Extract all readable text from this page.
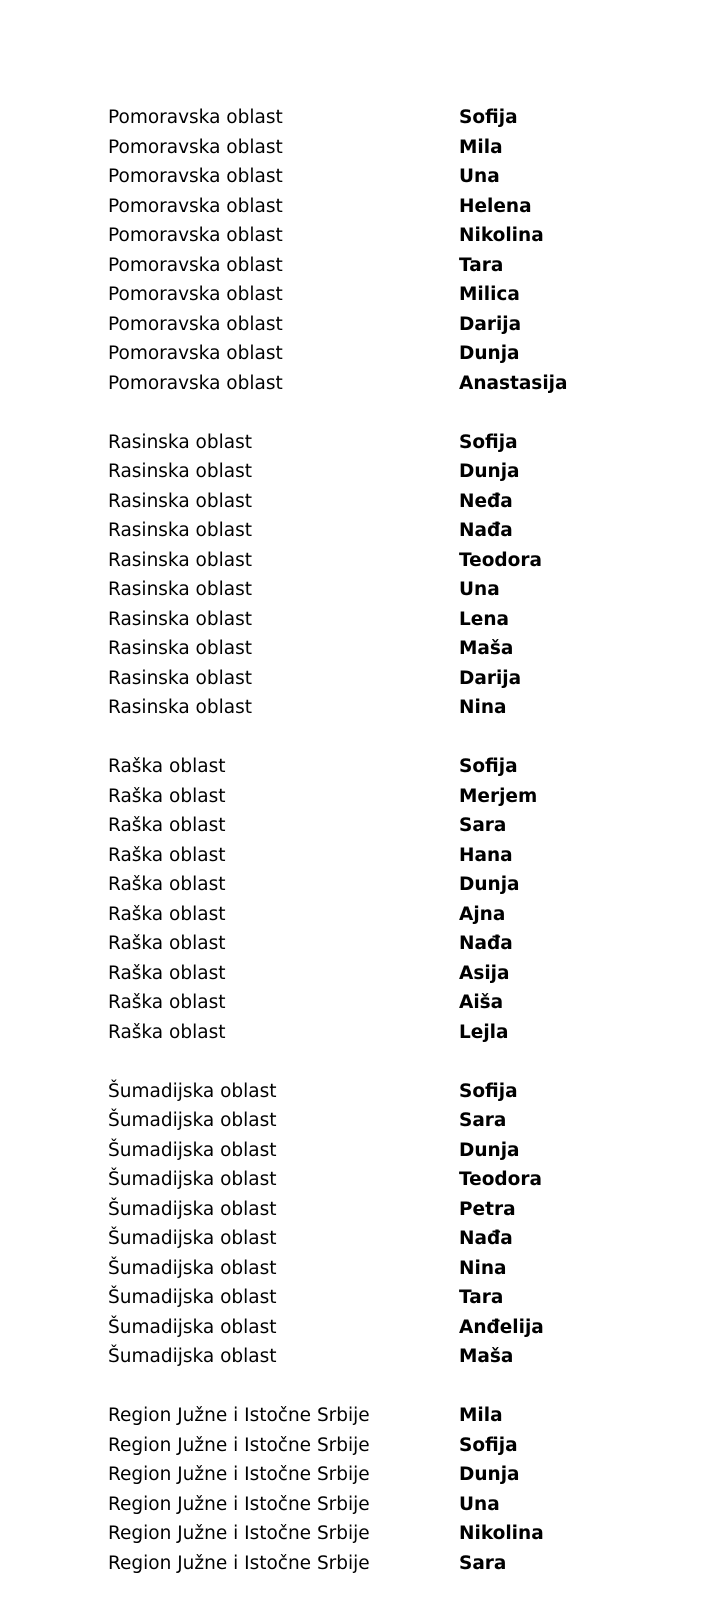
Pomoravska oblast	Sofija
Pomoravska oblast	Mila
Pomoravska oblast	Una
Pomoravska oblast	Helena
Pomoravska oblast	Nikolina
Pomoravska oblast	Tara
Pomoravska oblast	Milica
Pomoravska oblast	Darija
Pomoravska oblast	Dunja
Pomoravska oblast	Anastasija
Rasinska oblast	Sofija
Rasinska oblast	Dunja
Rasinska oblast	Neđa
Rasinska oblast	Nađa
Rasinska oblast	Teodora
Rasinska oblast	Una
Rasinska oblast	Lena
Rasinska oblast	Maša
Rasinska oblast	Darija
Rasinska oblast	Nina
Raška oblast	Sofija
Raška oblast	Merjem
Raška oblast	Sara
Raška oblast	Hana
Raška oblast	Dunja
Raška oblast	Ajna
Raška oblast	Nađa
Raška oblast	Asija
Raška oblast	Aiša
Raška oblast	Lejla
Šumadijska oblast	Sofija
Šumadijska oblast	Sara
Šumadijska oblast	Dunja
Šumadijska oblast	Teodora
Šumadijska oblast	Petra
Šumadijska oblast	Nađa
Šumadijska oblast	Nina
Šumadijska oblast	Tara
Šumadijska oblast	Anđelija
Šumadijska oblast	Maša
Region Južne i Istočne Srbije	Mila
Region Južne i Istočne Srbije	Sofija
Region Južne i Istočne Srbije	Dunja
Region Južne i Istočne Srbije	Una
Region Južne i Istočne Srbije	Nikolina
Region Južne i Istočne Srbije	Sara
